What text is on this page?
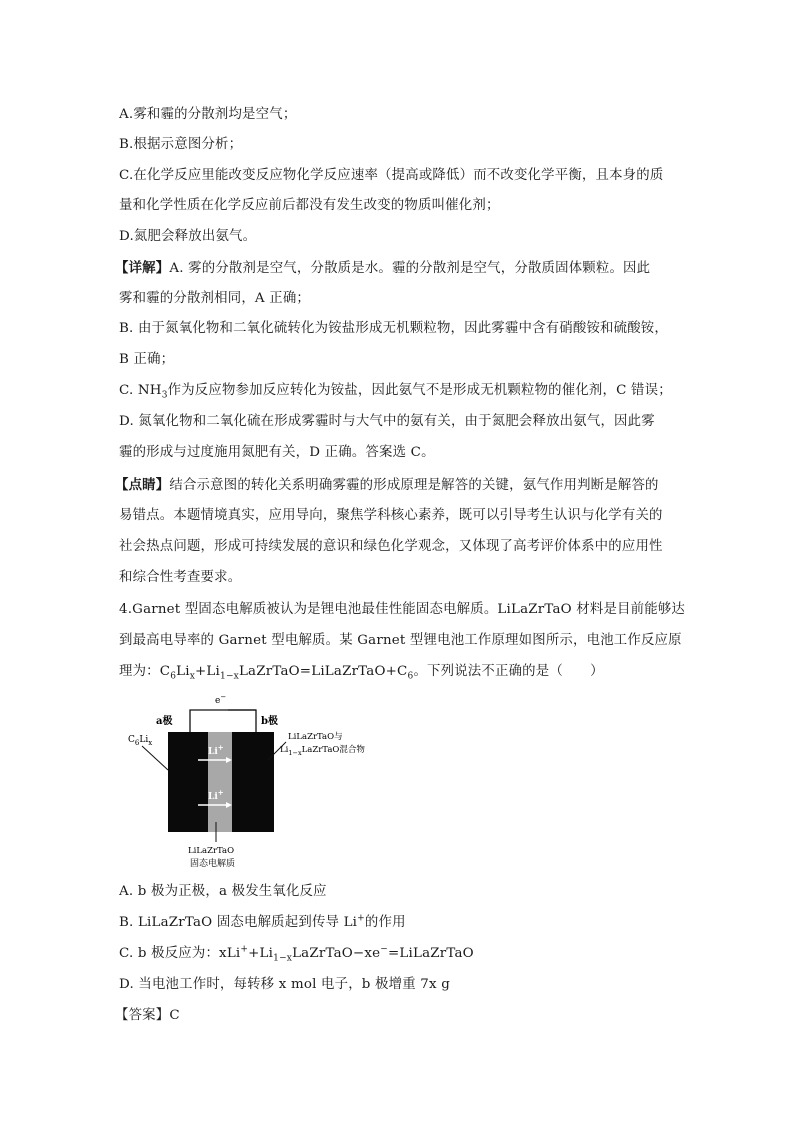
A.雾和霾的分散剂均是空气；
B.根据示意图分析；
C.在化学反应里能改变反应物化学反应速率（提高或降低）而不改变化学平衡，且本身的质
量和化学性质在化学反应前后都没有发生改变的物质叫催化剂；
D.氮肥会释放出氨气。
【详解】A. 雾的分散剂是空气，分散质是水。霾的分散剂是空气，分散质固体颗粒。因此
雾和霾的分散剂相同，A 正确；
B. 由于氮氧化物和二氧化硫转化为铵盐形成无机颗粒物，因此雾霾中含有硝酸铵和硫酸铵，
B 正确；
C. $NH_3$作为反应物参加反应转化为铵盐，因此氨气不是形成无机颗粒物的催化剂，C 错误；
D. 氮氧化物和二氧化硫在形成雾霾时与大气中的氨有关，由于氮肥会释放出氨气，因此雾
霾的形成与过度施用氮肥有关，D 正确。答案选 C。
【点睛】结合示意图的转化关系明确雾霾的形成原理是解答的关键，氨气作用判断是解答的
易错点。本题情境真实，应用导向，聚焦学科核心素养，既可以引导考生认识与化学有关的
社会热点问题，形成可持续发展的意识和绿色化学观念，又体现了高考评价体系中的应用性
和综合性考查要求。
4.Garnet 型固态电解质被认为是锂电池最佳性能固态电解质。LiLaZrTaO 材料是目前能够达
到最高电导率的 Garnet 型电解质。某 Garnet 型锂电池工作原理如图所示，电池工作反应原
理为：$C_6Li_x+Li_{1-x}LaZrTaO=LiLaZrTaO+C_6$。下列说法不正确的是（　　）
A. b 极为正极，a 极发生氧化反应
B. LiLaZrTaO 固态电解质起到传导 Li+的作用
C. b 极反应为：$xLi^++Li_{1-x}LaZrTaO-xe^-=LiLaZrTaO$
D. 当电池工作时，每转移 x mol 电子，b 极增重 7x g
【答案】C
e−
a极	b极
Li+
Li+
$C_6Li_x$
LiLaZrTaO与
$Li_{1-x}LaZrTaO$混合物
LiLaZrTaO
固态电解质
